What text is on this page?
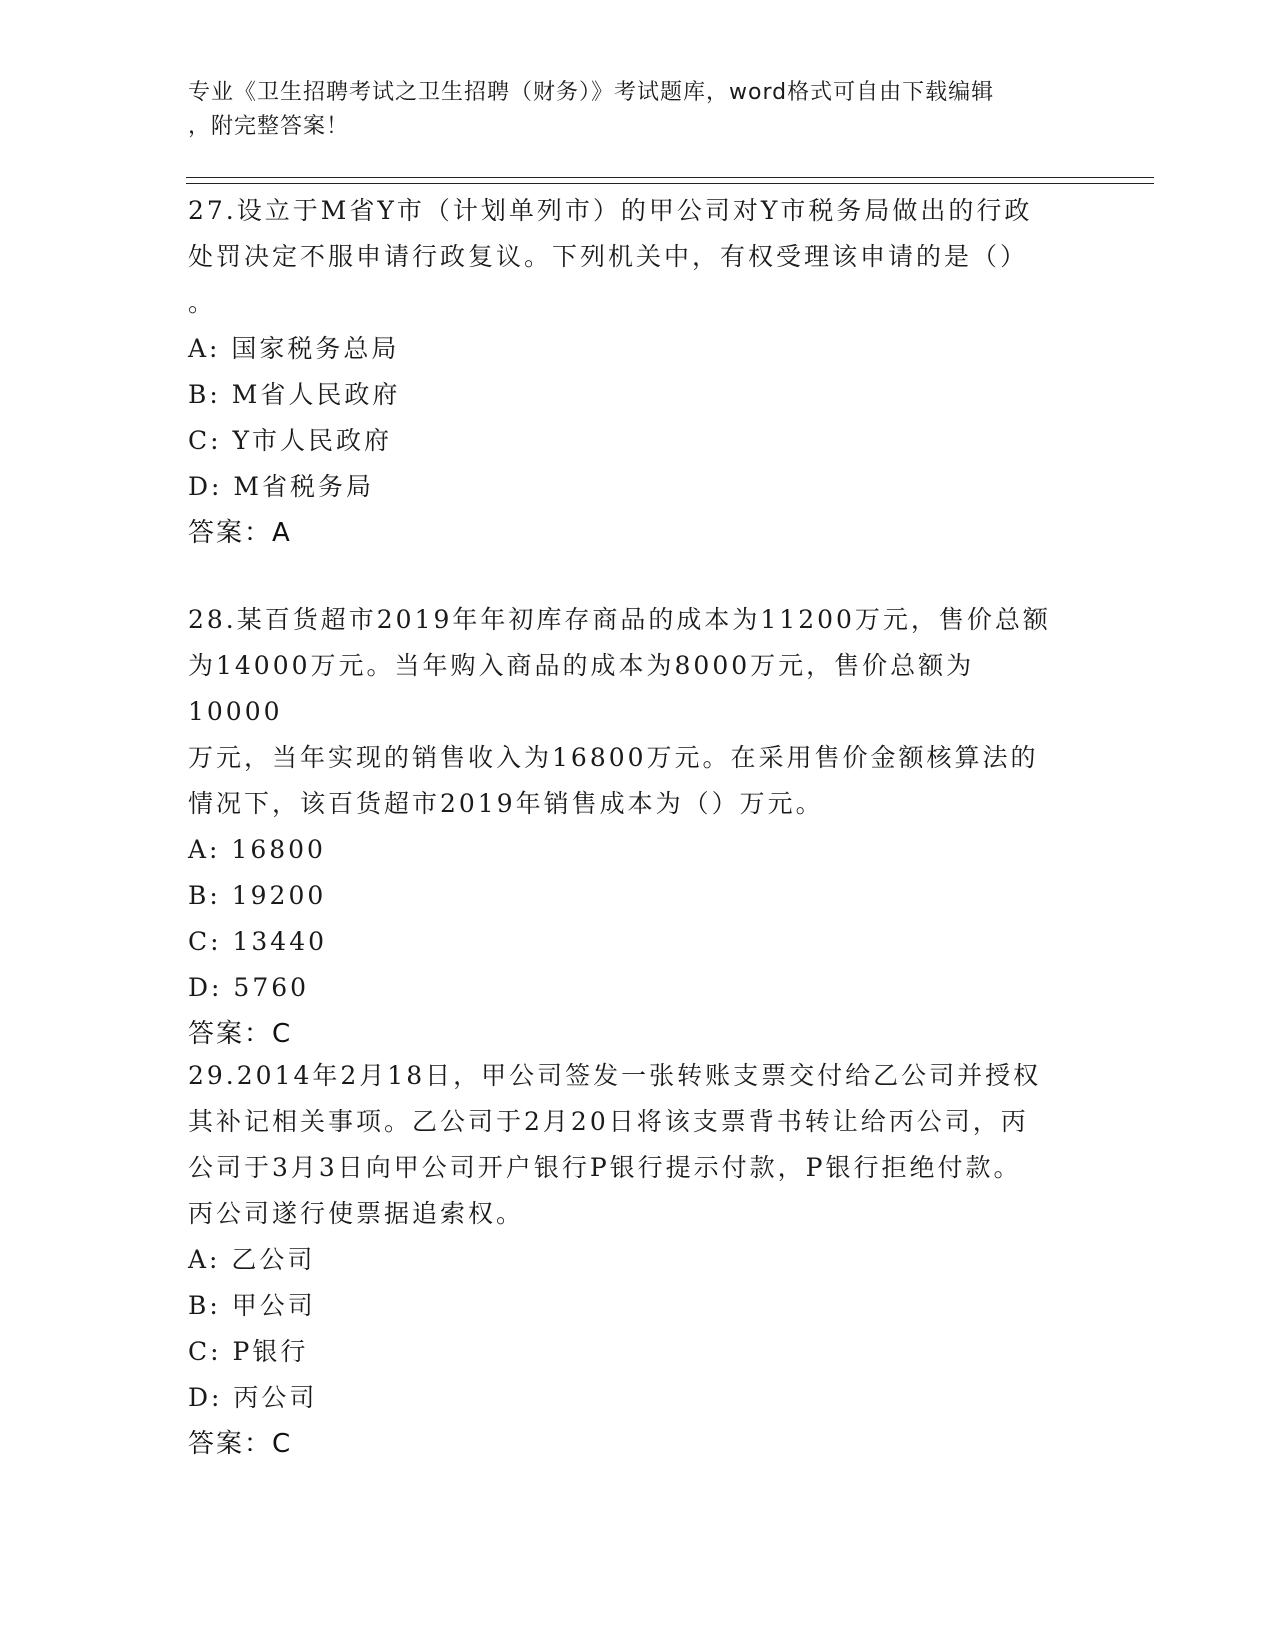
专业《卫生招聘考试之卫生招聘（财务）》考试题库，word格式可自由下载编辑
，附完整答案！

27.设立于M省Y市（计划单列市）的甲公司对Y市税务局做出的行政

处罚决定不服申请行政复议。下列机关中，有权受理该申请的是（）

。

A: 国家税务总局

B: M省人民政府

C: Y市人民政府

D: M省税务局

答案：A

28.某百货超市2019年年初库存商品的成本为11200万元，售价总额

为14000万元。当年购入商品的成本为8000万元，售价总额为10000

万元，当年实现的销售收入为16800万元。在采用售价金额核算法的

情况下，该百货超市2019年销售成本为（）万元。

A: 16800

B: 19200

C: 13440

D: 5760

答案：C

29.2014年2月18日，甲公司签发一张转账支票交付给乙公司并授权

其补记相关事项。乙公司于2月20日将该支票背书转让给丙公司，丙

公司于3月3日向甲公司开户银行P银行提示付款，P银行拒绝付款。

丙公司遂行使票据追索权。

A: 乙公司

B: 甲公司

C: P银行

D: 丙公司

答案：C
